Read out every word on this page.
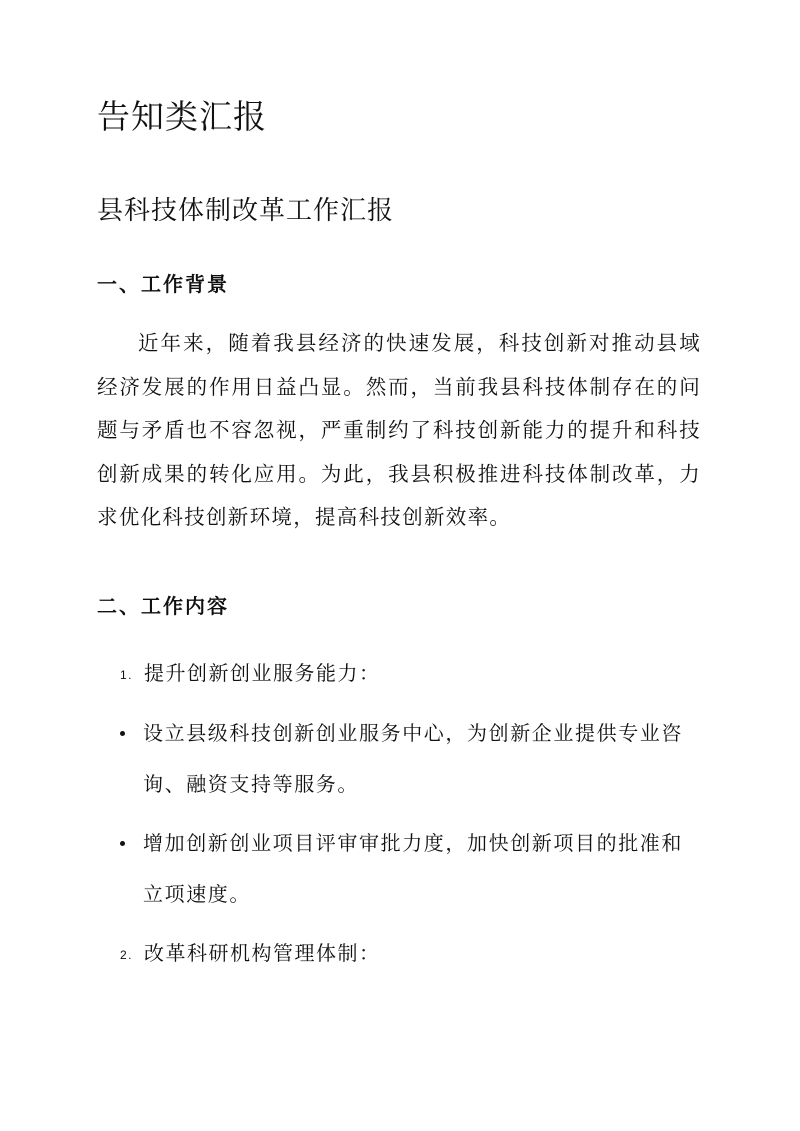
告知类汇报
县科技体制改革工作汇报
一、工作背景

近年来，随着我县经济的快速发展，科技创新对推动县域经济发展的作用日益凸显。然而，当前我县科技体制存在的问题与矛盾也不容忽视，严重制约了科技创新能力的提升和科技创新成果的转化应用。为此，我县积极推进科技体制改革，力求优化科技创新环境，提高科技创新效率。

二、工作内容
1. 提升创新创业服务能力：
设立县级科技创新创业服务中心，为创新企业提供专业咨询、融资支持等服务。
增加创新创业项目评审审批力度，加快创新项目的批准和立项速度。
2. 改革科研机构管理体制：
